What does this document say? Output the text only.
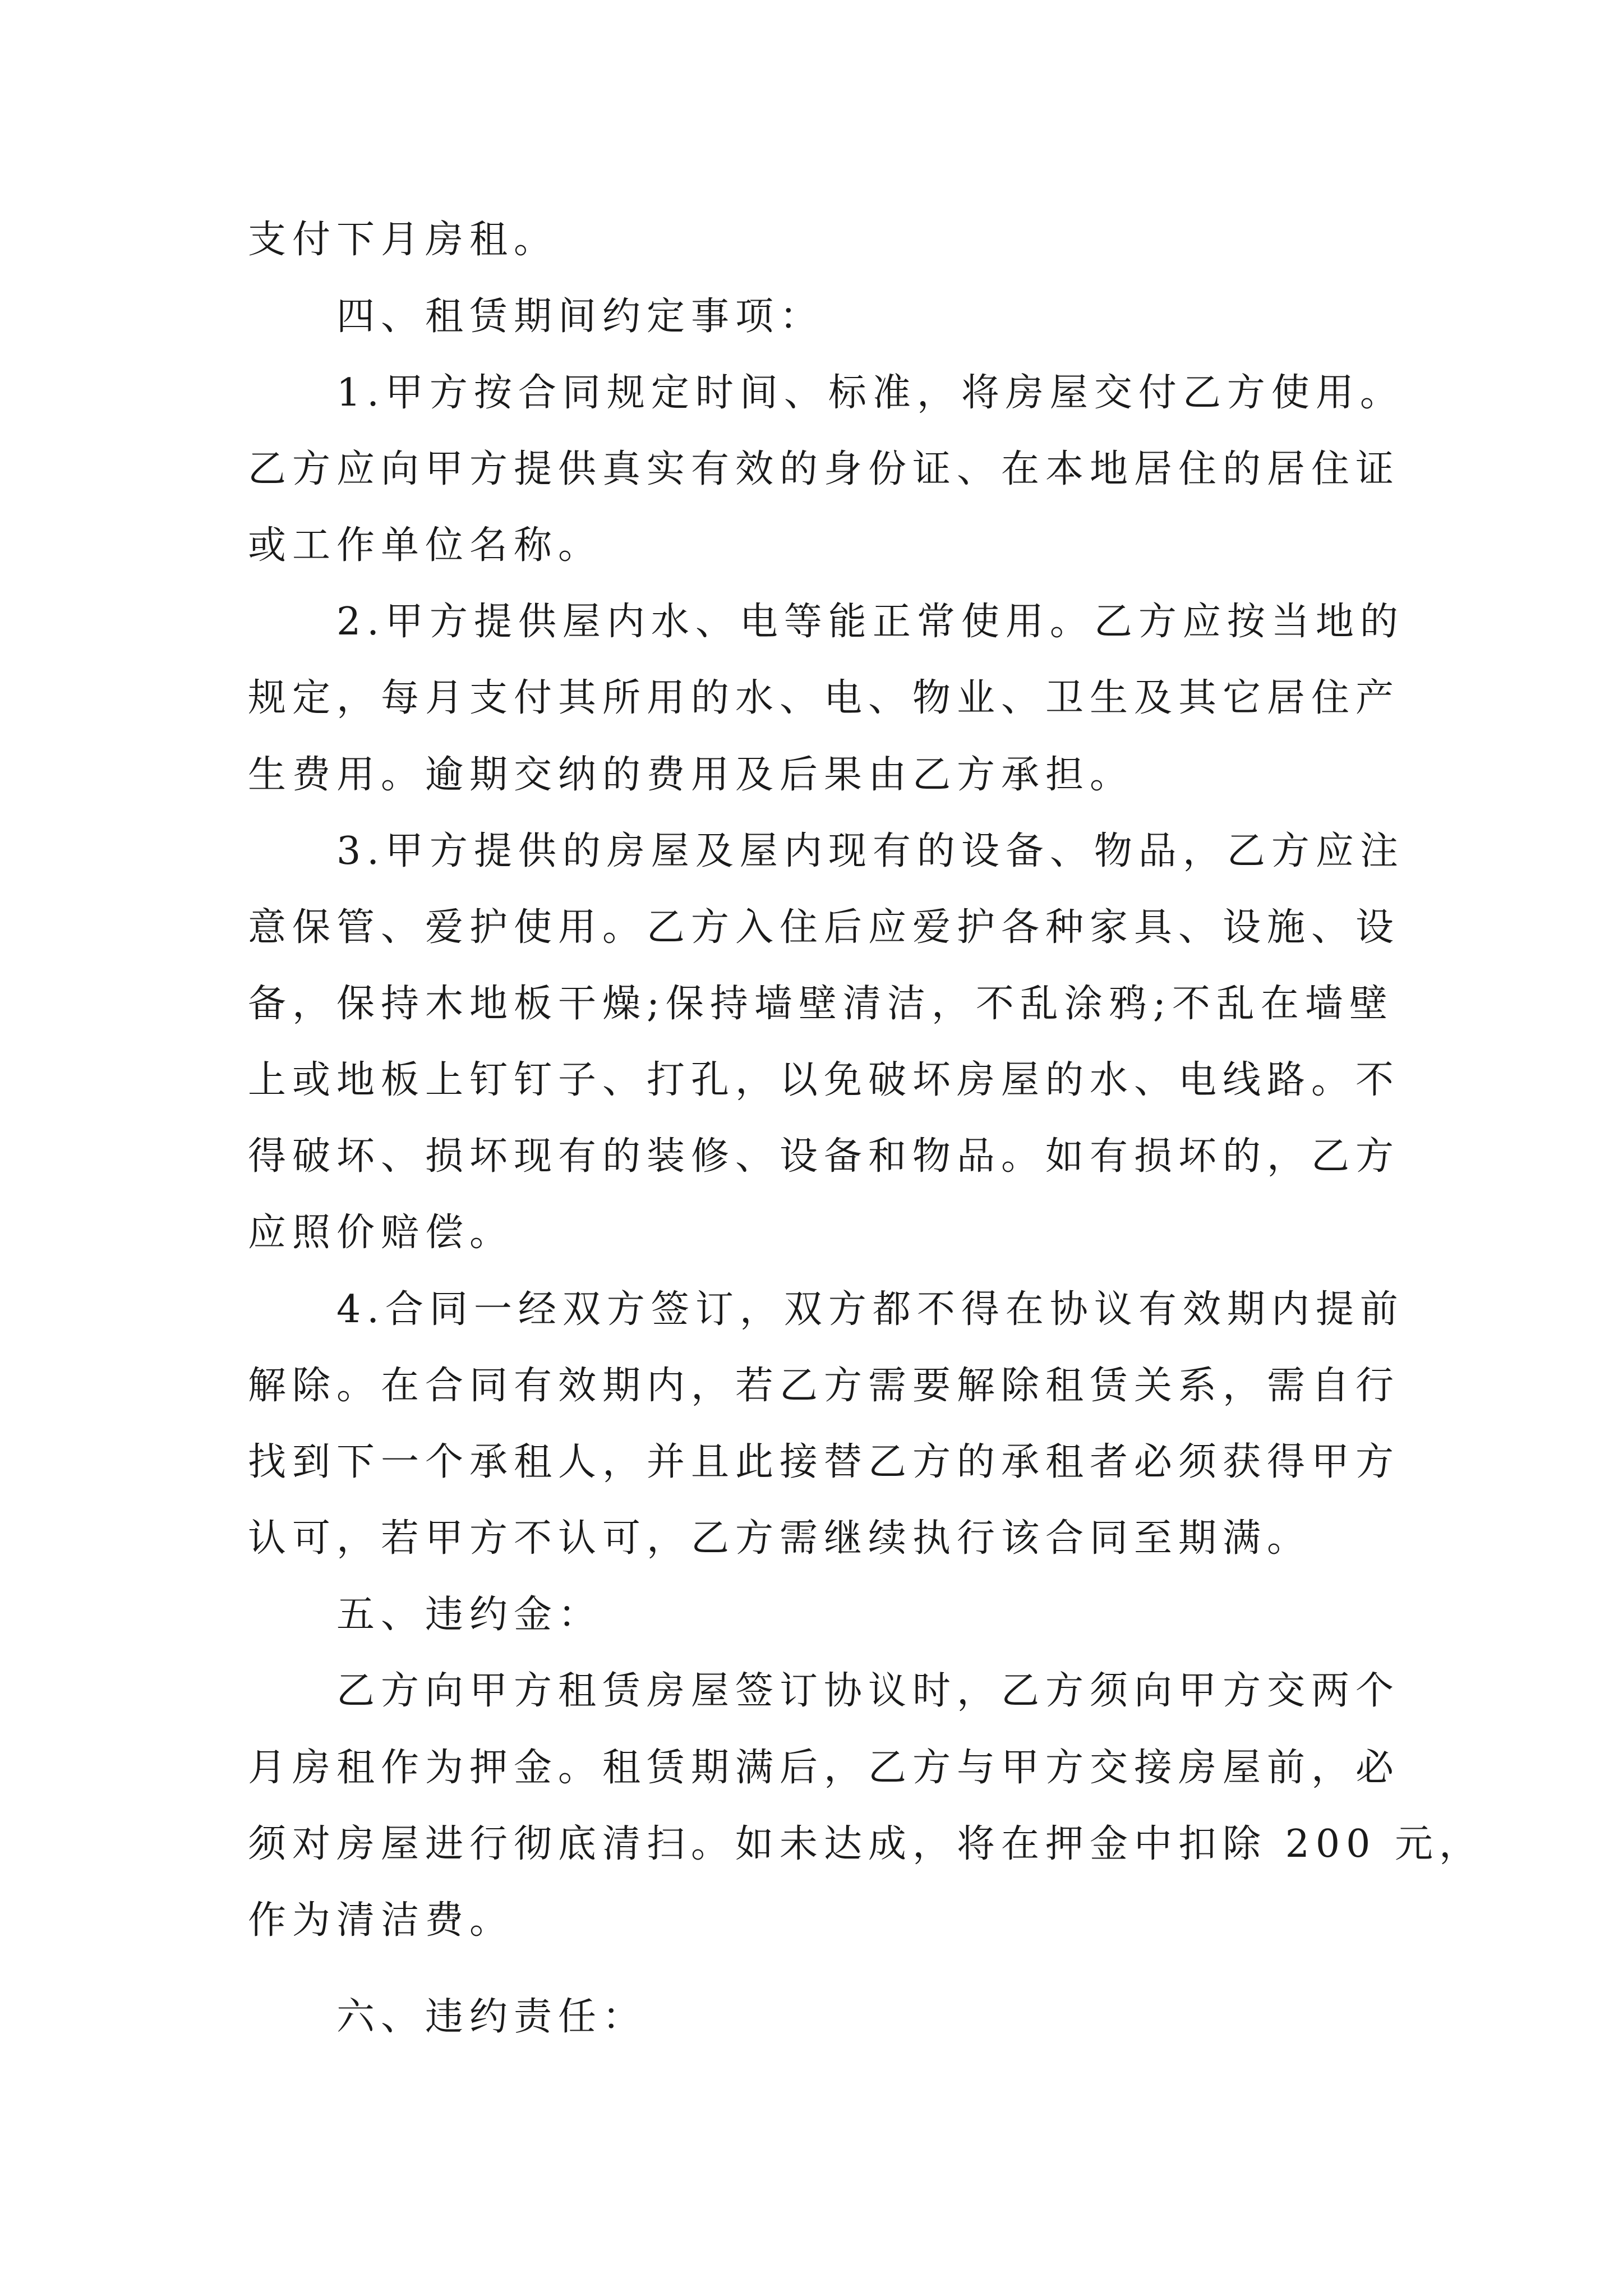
支付下月房租。
四、租赁期间约定事项：
1.甲方按合同规定时间、标准，将房屋交付乙方使用。
乙方应向甲方提供真实有效的身份证、在本地居住的居住证
或工作单位名称。
2.甲方提供屋内水、电等能正常使用。乙方应按当地的
规定，每月支付其所用的水、电、物业、卫生及其它居住产
生费用。逾期交纳的费用及后果由乙方承担。
3.甲方提供的房屋及屋内现有的设备、物品，乙方应注
意保管、爱护使用。乙方入住后应爱护各种家具、设施、设
备，保持木地板干燥;保持墙壁清洁，不乱涂鸦;不乱在墙壁
上或地板上钉钉子、打孔，以免破坏房屋的水、电线路。不
得破坏、损坏现有的装修、设备和物品。如有损坏的，乙方
应照价赔偿。
4.合同一经双方签订，双方都不得在协议有效期内提前
解除。在合同有效期内，若乙方需要解除租赁关系，需自行
找到下一个承租人，并且此接替乙方的承租者必须获得甲方
认可，若甲方不认可，乙方需继续执行该合同至期满。
五、违约金：
乙方向甲方租赁房屋签订协议时，乙方须向甲方交两个
月房租作为押金。租赁期满后，乙方与甲方交接房屋前，必
须对房屋进行彻底清扫。如未达成，将在押金中扣除 200 元，
作为清洁费。
六、违约责任：
